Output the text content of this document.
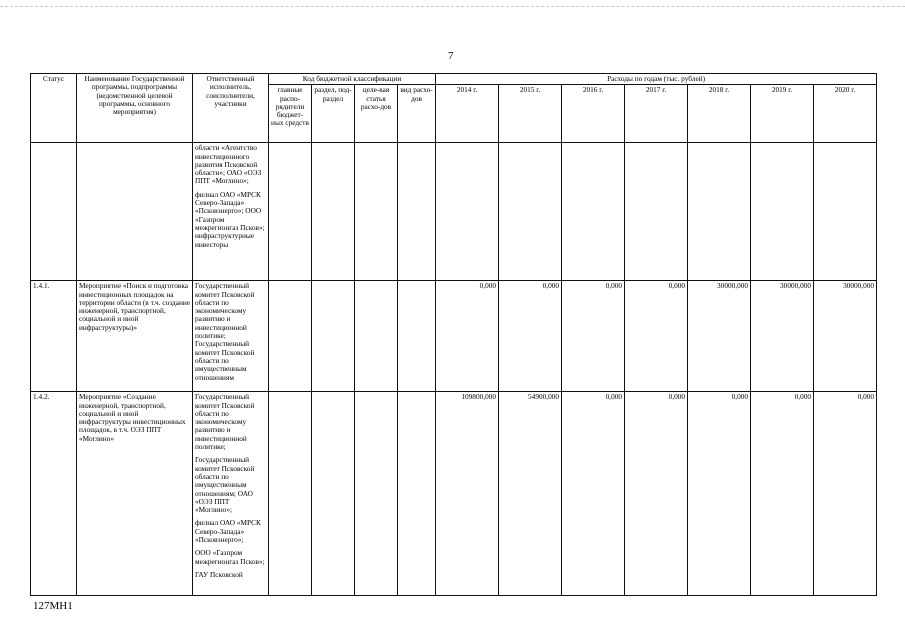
7
Статус	Наименование Государственной программы, подпрограммы (ведомственной целевой программы, основного мероприятия)	Ответственный исполнитель, соисполнители, участники	Код бюджетной классификации				Расходы по годам (тыс. рублей)						
			главные распо-рядители бюджет-ных средств	раздел, под-раздел	целе-вая статья расхо-дов	вид расхо-дов	2014 г.	2015 г.	2016 г.	2017 г.	2018 г.	2019 г.	2020 г.

		области «Агентство инвестиционного развития Псковской области»; ОАО «ОЭЗ ППТ «Моглино»;
филиал ОАО «МРСК Северо-Запада» «Псковэнерго»; ООО «Газпром межрегионгаз Псков»; инфраструктурные инвесторы											

1.4.1.	Мероприятие «Поиск и подготовка инвестиционных площадок на территории области (в т.ч. создание инженерной, транспортной, социальной и иной инфраструктуры)»	Государственный комитет Псковской области по экономическому развитию и инвестиционной политике; Государственный комитет Псковской области по имущественным отношениям					0,000	0,000	0,000	0,000	30000,000	30000,000	30000,000
1.4.2.	Мероприятие «Создание инженерной, транспортной, социальной и иной инфраструктуры инвестиционных площадок, в т.ч. ОЭЗ ППТ «Моглино»	Государственный комитет Псковской области по экономическому развитию и инвестиционной политике;
Государственный комитет Псковской области по имущественным отношениям; ОАО «ОЭЗ ППТ «Моглино»;
филиал ОАО «МРСК Северо-Запада» «Псковэнерго»;
ООО «Газпром межрегионгаз Псков»;
ГАУ Псковской					109800,000	54900,000	0,000	0,000	0,000	0,000	0,000
127МН1
